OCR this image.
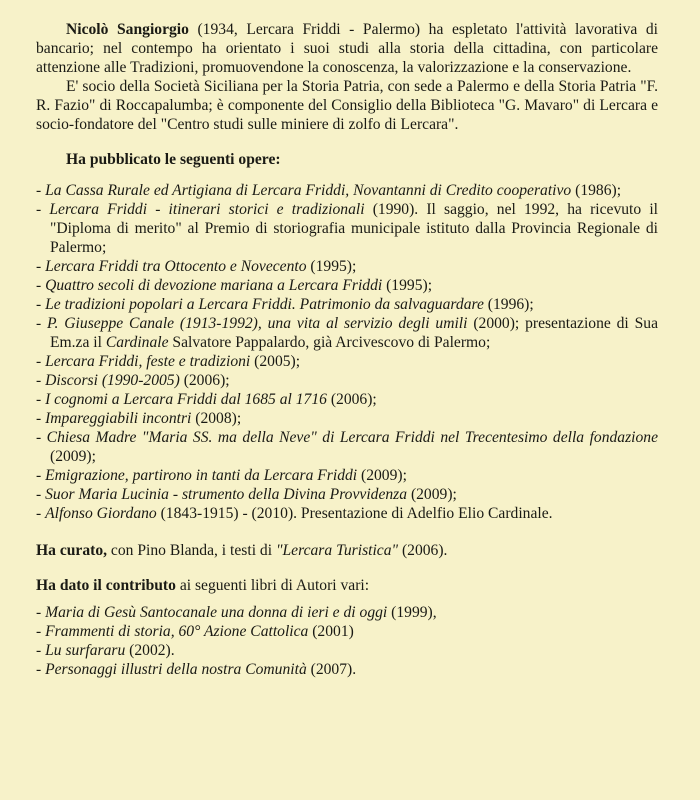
Nicolò Sangiorgio (1934, Lercara Friddi - Palermo) ha espletato l'attività lavorativa di bancario; nel contempo ha orientato i suoi studi alla storia della cittadina, con particolare attenzione alle Tradizioni, promuovendone la conoscenza, la valorizzazione e la conservazione.

E' socio della Società Siciliana per la Storia Patria, con sede a Palermo e della Storia Patria "F. R. Fazio" di Roccapalumba; è componente del Consiglio della Biblioteca "G. Mavaro" di Lercara e socio-fondatore del "Centro studi sulle miniere di zolfo di Lercara".

Ha pubblicato le seguenti opere:
- La Cassa Rurale ed Artigiana di Lercara Friddi, Novantanni di Credito cooperativo (1986);
- Lercara Friddi - itinerari storici e tradizionali (1990). Il saggio, nel 1992, ha ricevuto il "Diploma di merito" al Premio di storiografia municipale istituto dalla Provincia Regionale di Palermo;
- Lercara Friddi tra Ottocento e Novecento (1995);
- Quattro secoli di devozione mariana a Lercara Friddi (1995);
- Le tradizioni popolari a Lercara Friddi. Patrimonio da salvaguardare (1996);
- P. Giuseppe Canale (1913-1992), una vita al servizio degli umili (2000); presentazione di Sua Em.za il Cardinale Salvatore Pappalardo, già Arcivescovo di Palermo;
- Lercara Friddi, feste e tradizioni (2005);
- Discorsi (1990-2005) (2006);
- I cognomi a Lercara Friddi dal 1685 al 1716 (2006);
- Impareggiabili incontri (2008);
- Chiesa Madre "Maria SS. ma della Neve" di Lercara Friddi nel Trecentesimo della fondazione (2009);
- Emigrazione, partirono in tanti da Lercara Friddi (2009);
- Suor Maria Lucinia - strumento della Divina Provvidenza (2009);
- Alfonso Giordano (1843-1915) - (2010). Presentazione di Adelfio Elio Cardinale.

Ha curato, con Pino Blanda, i testi di "Lercara Turistica" (2006).

Ha dato il contributo ai seguenti libri di Autori vari:

- Maria di Gesù Santocanale una donna di ieri e di oggi (1999),
- Frammenti di storia, 60° Azione Cattolica (2001)
- Lu surfararu (2002).
- Personaggi illustri della nostra Comunità (2007).
